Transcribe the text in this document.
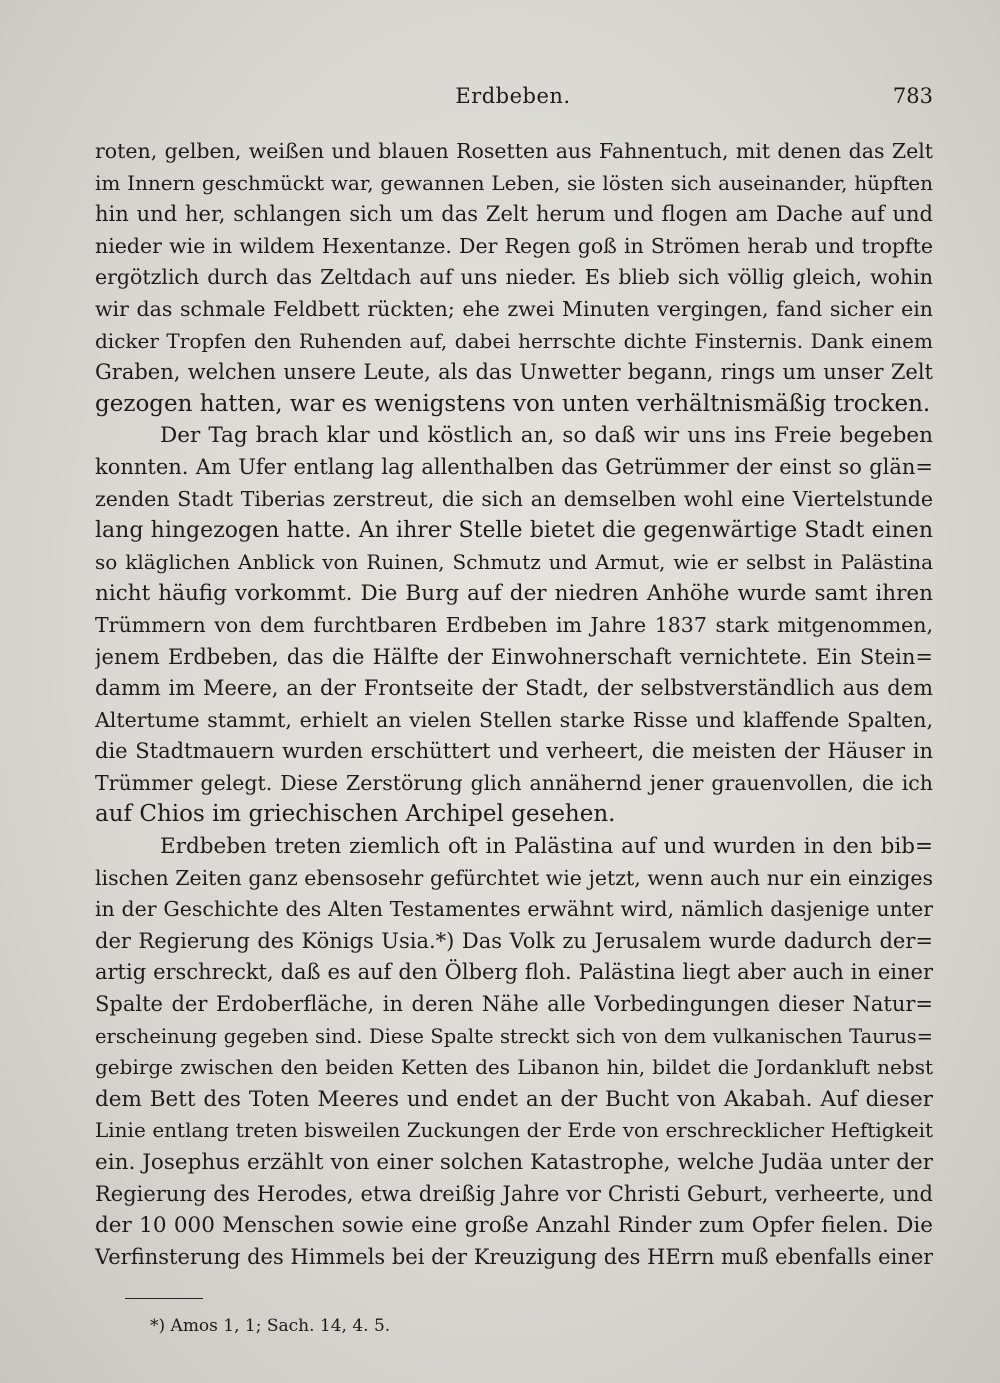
Erdbeben.	783
roten, gelben, weißen und blauen Rosetten aus Fahnentuch, mit denen das Zelt
im Innern geschmückt war, gewannen Leben, sie lösten sich auseinander, hüpften
hin und her, schlangen sich um das Zelt herum und flogen am Dache auf und
nieder wie in wildem Hexentanze. Der Regen goß in Strömen herab und tropfte
ergötzlich durch das Zeltdach auf uns nieder. Es blieb sich völlig gleich, wohin
wir das schmale Feldbett rückten; ehe zwei Minuten vergingen, fand sicher ein
dicker Tropfen den Ruhenden auf, dabei herrschte dichte Finsternis. Dank einem
Graben, welchen unsere Leute, als das Unwetter begann, rings um unser Zelt
gezogen hatten, war es wenigstens von unten verhältnismäßig trocken.
Der Tag brach klar und köstlich an, so daß wir uns ins Freie begeben
konnten. Am Ufer entlang lag allenthalben das Getrümmer der einst so glän=
zenden Stadt Tiberias zerstreut, die sich an demselben wohl eine Viertelstunde
lang hingezogen hatte. An ihrer Stelle bietet die gegenwärtige Stadt einen
so kläglichen Anblick von Ruinen, Schmutz und Armut, wie er selbst in Palästina
nicht häufig vorkommt. Die Burg auf der niedren Anhöhe wurde samt ihren
Trümmern von dem furchtbaren Erdbeben im Jahre 1837 stark mitgenommen,
jenem Erdbeben, das die Hälfte der Einwohnerschaft vernichtete. Ein Stein=
damm im Meere, an der Frontseite der Stadt, der selbstverständlich aus dem
Altertume stammt, erhielt an vielen Stellen starke Risse und klaffende Spalten,
die Stadtmauern wurden erschüttert und verheert, die meisten der Häuser in
Trümmer gelegt. Diese Zerstörung glich annähernd jener grauenvollen, die ich
auf Chios im griechischen Archipel gesehen.
Erdbeben treten ziemlich oft in Palästina auf und wurden in den bib=
lischen Zeiten ganz ebensosehr gefürchtet wie jetzt, wenn auch nur ein einziges
in der Geschichte des Alten Testamentes erwähnt wird, nämlich dasjenige unter
der Regierung des Königs Usia.*) Das Volk zu Jerusalem wurde dadurch der=
artig erschreckt, daß es auf den Ölberg floh. Palästina liegt aber auch in einer
Spalte der Erdoberfläche, in deren Nähe alle Vorbedingungen dieser Natur=
erscheinung gegeben sind. Diese Spalte streckt sich von dem vulkanischen Taurus=
gebirge zwischen den beiden Ketten des Libanon hin, bildet die Jordankluft nebst
dem Bett des Toten Meeres und endet an der Bucht von Akabah. Auf dieser
Linie entlang treten bisweilen Zuckungen der Erde von erschrecklicher Heftigkeit
ein. Josephus erzählt von einer solchen Katastrophe, welche Judäa unter der
Regierung des Herodes, etwa dreißig Jahre vor Christi Geburt, verheerte, und
der 10 000 Menschen sowie eine große Anzahl Rinder zum Opfer fielen. Die
Verfinsterung des Himmels bei der Kreuzigung des HErrn muß ebenfalls einer
*) Amos 1, 1; Sach. 14, 4. 5.
